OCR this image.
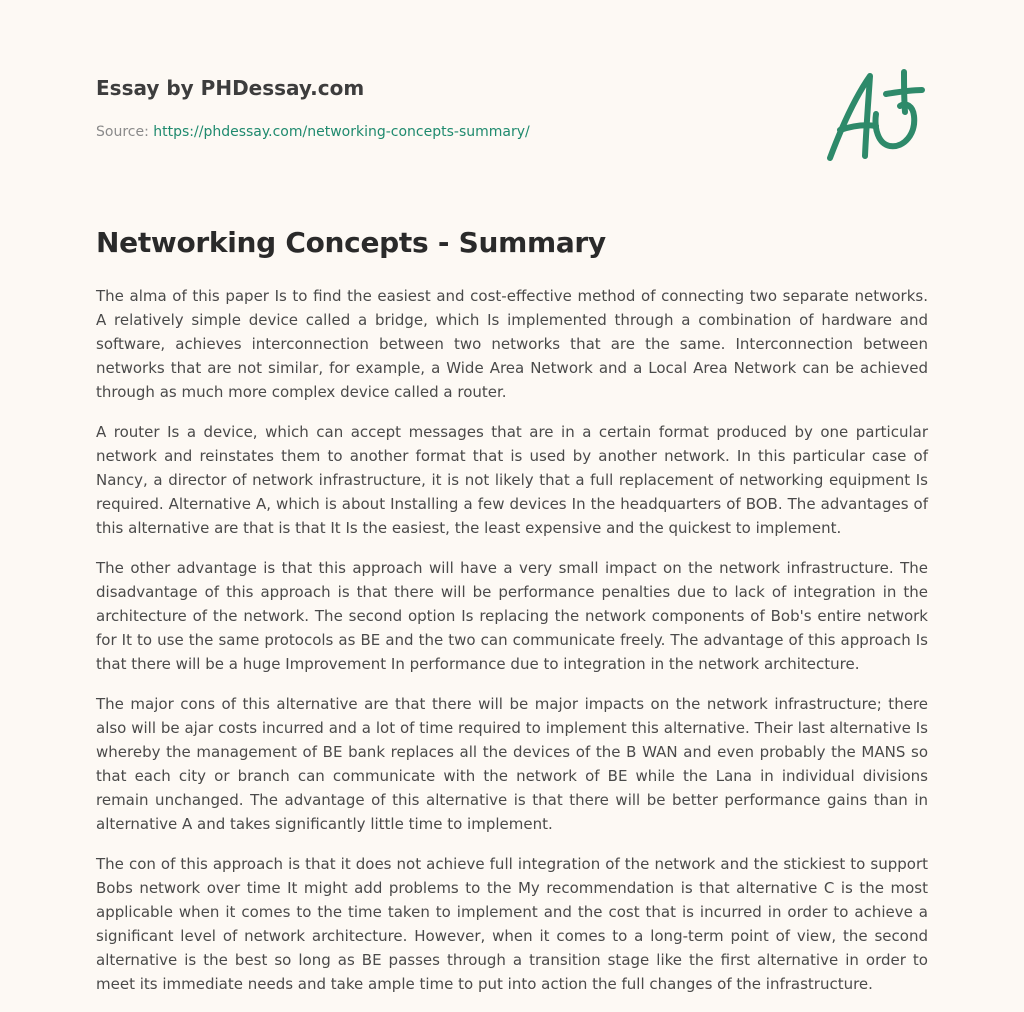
Essay by PHDessay.com

Source: https://phdessay.com/networking-concepts-summary/

Networking Concepts - Summary

The alma of this paper Is to find the easiest and cost-effective method of connecting two separate networks. A relatively simple device called a bridge, which Is implemented through a combination of hardware and software, achieves interconnection between two networks that are the same. Interconnection between networks that are not similar, for example, a Wide Area Network and a Local Area Network can be achieved through as much more complex device called a router.

A router Is a device, which can accept messages that are in a certain format produced by one particular network and reinstates them to another format that is used by another network. In this particular case of Nancy, a director of network infrastructure, it is not likely that a full replacement of networking equipment Is required. Alternative A, which is about Installing a few devices In the headquarters of BOB. The advantages of this alternative are that is that It Is the easiest, the least expensive and the quickest to implement.

The other advantage is that this approach will have a very small impact on the network infrastructure. The disadvantage of this approach is that there will be performance penalties due to lack of integration in the architecture of the network. The second option Is replacing the network components of Bob's entire network for It to use the same protocols as BE and the two can communicate freely. The advantage of this approach Is that there will be a huge Improvement In performance due to integration in the network architecture.

The major cons of this alternative are that there will be major impacts on the network infrastructure; there also will be ajar costs incurred and a lot of time required to implement this alternative. Their last alternative Is whereby the management of BE bank replaces all the devices of the B WAN and even probably the MANS so that each city or branch can communicate with the network of BE while the Lana in individual divisions remain unchanged. The advantage of this alternative is that there will be better performance gains than in alternative A and takes significantly little time to implement.

The con of this approach is that it does not achieve full integration of the network and the stickiest to support Bobs network over time It might add problems to the My recommendation is that alternative C is the most applicable when it comes to the time taken to implement and the cost that is incurred in order to achieve a significant level of network architecture. However, when it comes to a long-term point of view, the second alternative is the best so long as BE passes through a transition stage like the first alternative in order to meet its immediate needs and take ample time to put into action the full changes of the infrastructure.
